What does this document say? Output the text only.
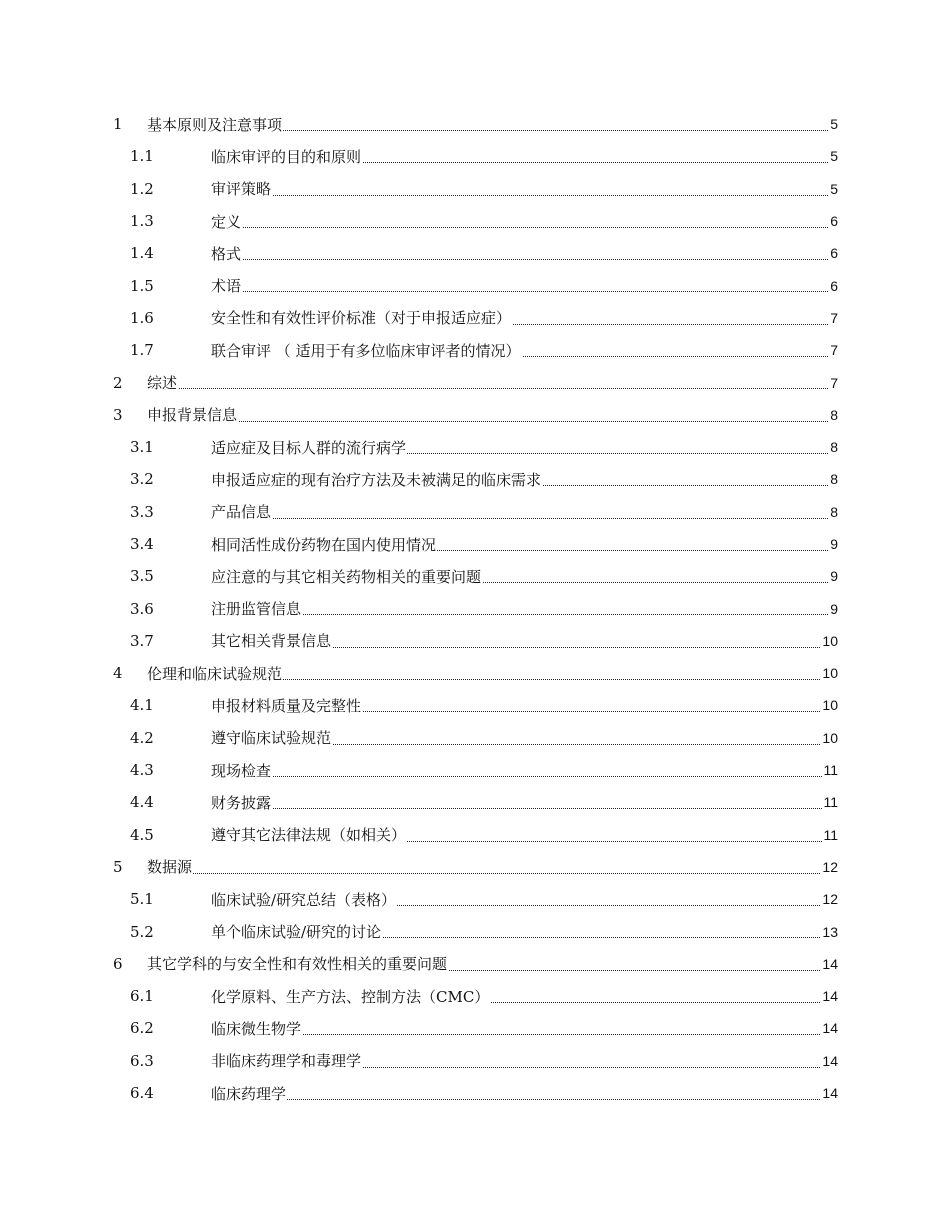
1 基本原则及注意事项	5
1.1	临床审评的目的和原则	5
1.2	审评策略	5
1.3	定义	6
1.4	格式	6
1.5	术语	6
1.6	安全性和有效性评价标准（对于申报适应症）	7
1.7	联合审评 （ 适用于有多位临床审评者的情况）	7
2 综述	7
3 申报背景信息	8
3.1	适应症及目标人群的流行病学	8
3.2	申报适应症的现有治疗方法及未被满足的临床需求	8
3.3	产品信息	8
3.4	相同活性成份药物在国内使用情况	9
3.5	应注意的与其它相关药物相关的重要问题	9
3.6	注册监管信息	9
3.7	其它相关背景信息	10
4 伦理和临床试验规范	10
4.1	申报材料质量及完整性	10
4.2	遵守临床试验规范	10
4.3	现场检查	11
4.4	财务披露	11
4.5	遵守其它法律法规（如相关）	11
5 数据源	12
5.1	临床试验/研究总结（表格）	12
5.2	单个临床试验/研究的讨论	13
6 其它学科的与安全性和有效性相关的重要问题	14
6.1	化学原料、生产方法、控制方法（CMC）	14
6.2	临床微生物学	14
6.3	非临床药理学和毒理学	14
6.4	临床药理学	14
